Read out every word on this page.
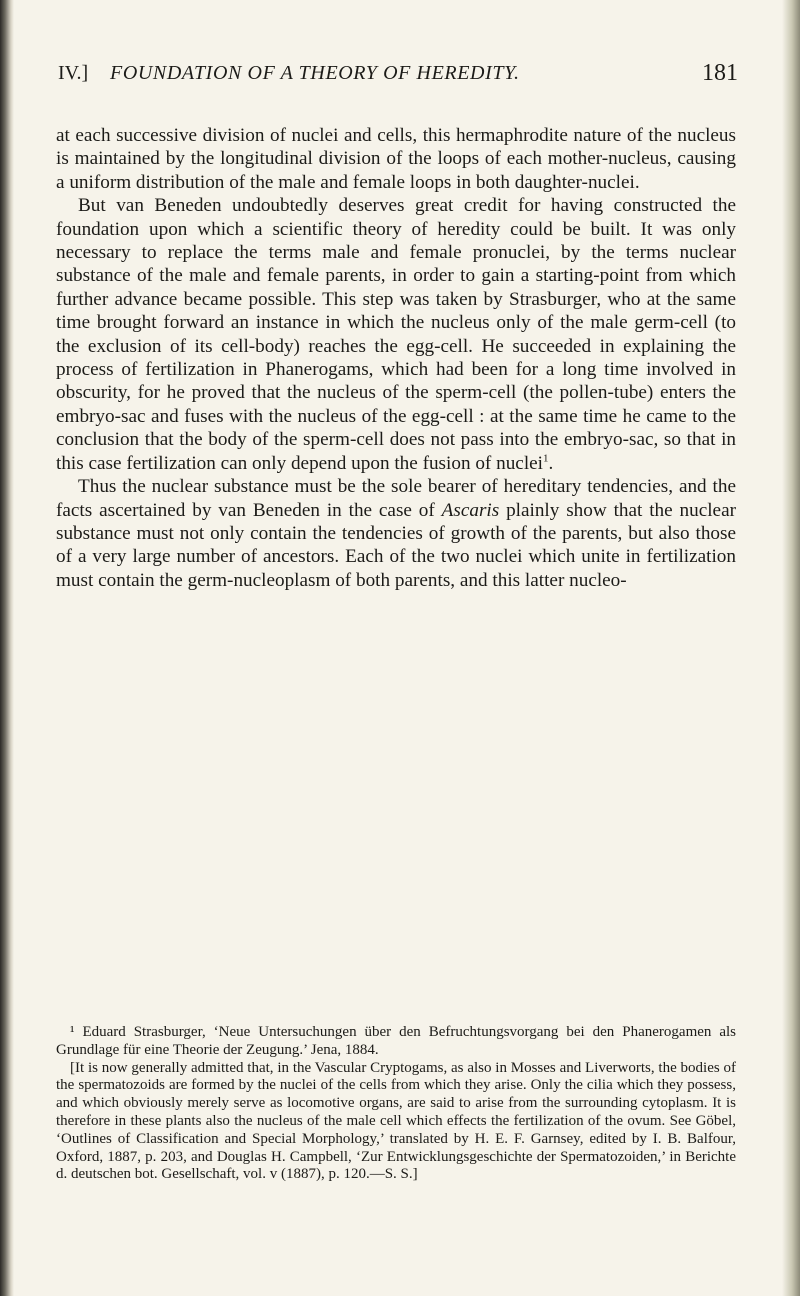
IV.] FOUNDATION OF A THEORY OF HEREDITY.	181

at each successive division of nuclei and cells, this hermaphrodite nature of the nucleus is maintained by the longitudinal division of the loops of each mother-nucleus, causing a uniform distribution of the male and female loops in both daughter-nuclei.

But van Beneden undoubtedly deserves great credit for having constructed the foundation upon which a scientific theory of heredity could be built. It was only necessary to replace the terms male and female pronuclei, by the terms nuclear substance of the male and female parents, in order to gain a starting-point from which further advance became possible. This step was taken by Strasburger, who at the same time brought forward an instance in which the nucleus only of the male germ-cell (to the exclusion of its cell-body) reaches the egg-cell. He succeeded in explaining the process of fertilization in Phanerogams, which had been for a long time involved in obscurity, for he proved that the nucleus of the sperm-cell (the pollen-tube) enters the embryo-sac and fuses with the nucleus of the egg-cell : at the same time he came to the conclusion that the body of the sperm-cell does not pass into the embryo-sac, so that in this case fertilization can only depend upon the fusion of nuclei$^1$.

Thus the nuclear substance must be the sole bearer of hereditary tendencies, and the facts ascertained by van Beneden in the case of Ascaris plainly show that the nuclear substance must not only contain the tendencies of growth of the parents, but also those of a very large number of ancestors. Each of the two nuclei which unite in fertilization must contain the germ-nucleoplasm of both parents, and this latter nucleo-

¹ Eduard Strasburger, ‘Neue Untersuchungen über den Befruchtungsvorgang bei den Phanerogamen als Grundlage für eine Theorie der Zeugung.’ Jena, 1884.

[It is now generally admitted that, in the Vascular Cryptogams, as also in Mosses and Liverworts, the bodies of the spermatozoids are formed by the nuclei of the cells from which they arise. Only the cilia which they possess, and which obviously merely serve as locomotive organs, are said to arise from the surrounding cytoplasm. It is therefore in these plants also the nucleus of the male cell which effects the fertilization of the ovum. See Göbel, ‘Outlines of Classification and Special Morphology,’ translated by H. E. F. Garnsey, edited by I. B. Balfour, Oxford, 1887, p. 203, and Douglas H. Campbell, ‘Zur Entwicklungsgeschichte der Spermatozoiden,’ in Berichte d. deutschen bot. Gesellschaft, vol. v (1887), p. 120.—S. S.]
